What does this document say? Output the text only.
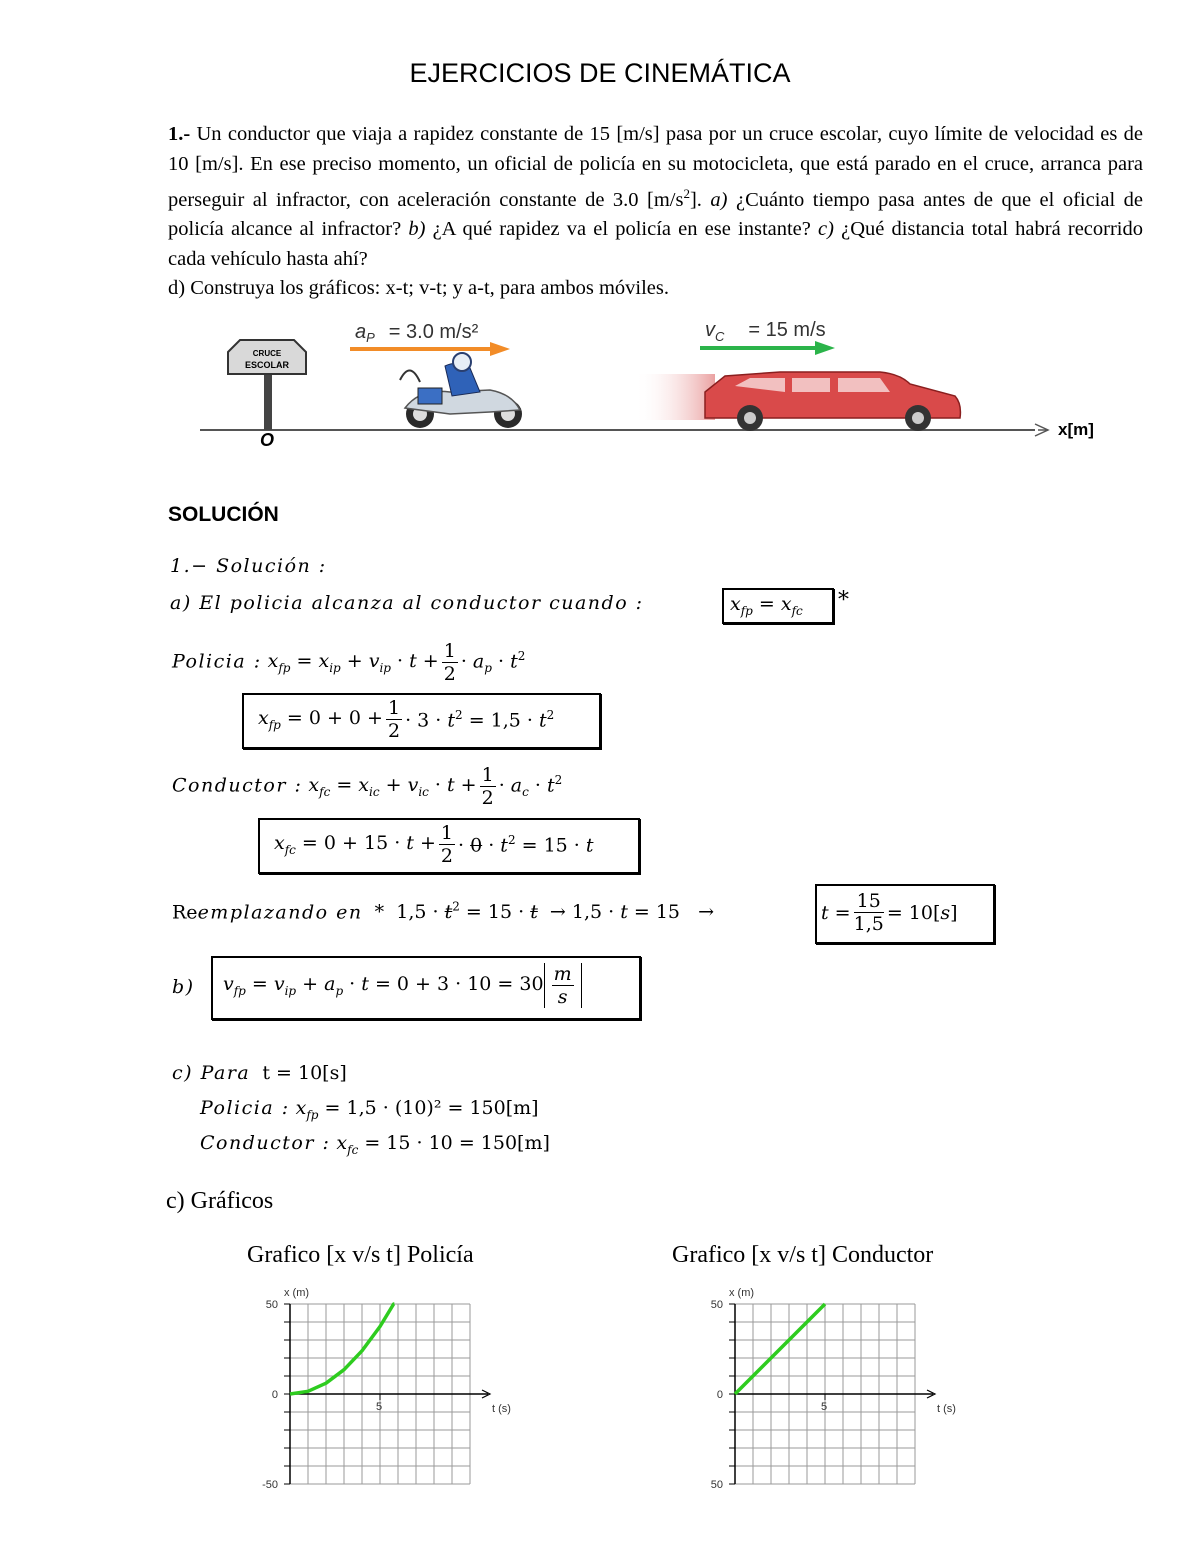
EJERCICIOS DE CINEMÁTICA

1.- Un conductor que viaja a rapidez constante de 15 [m/s] pasa por un cruce escolar, cuyo límite de velocidad es de 10 [m/s]. En ese preciso momento, un oficial de policía en su motocicleta, que está parado en el cruce, arranca para perseguir al infractor, con aceleración constante de 3.0 $[m/s^2]$. a) ¿Cuánto tiempo pasa antes de que el oficial de policía alcance al infractor? b) ¿A qué rapidez va el policía en ese instante? c) ¿Qué distancia total habrá recorrido cada vehículo hasta ahí?

d) Construya los gráficos: x-t; v-t; y a-t, para ambos móviles.

x[m]
CRUCE
ESCOLAR
O
$a_P = 3.0$ m/s²	$v_C = 15$ m/s
SOLUCIÓN
1.− Solución :
a) El policia alcanza al conductor cuando :	$x_{fp} = x_{fc}$ *
Policia : $x_{fp} = x_{ip} + v_{ip} \cdot t + \frac{1}{2} \cdot a_p \cdot t^2$
$x_{fp} = 0 + 0 + \frac{1}{2} \cdot 3 \cdot t^2 = 1,5 \cdot t^2$
Conductor : $x_{fc} = x_{ic} + v_{ic} \cdot t + \frac{1}{2} \cdot a_c \cdot t^2$
$x_{fc} = 0 + 15 \cdot t + \frac{1}{2} \cdot 0 \cdot t^2 = 15 \cdot t$
Reemplazando en  *  $1,5 \cdot t^2 = 15 \cdot t \to 1,5 \cdot t = 15$   →	$t = \frac{15}{1,5} = 10[s]$
b) $v_{fp} = v_{ip} + a_p \cdot t = 0 + 3 \cdot 10 = 30 \frac{m}{s}$
c) Para t = 10[s]
Policia : $x_{fp} = 1,5 \cdot (10)^2 = 150[m]$
Conductor : $x_{fc} = 15 \cdot 10 = 150[m]$
c) Gráficos
Grafico [x v/s t] Policía	Grafico [x v/s t] Conductor
x (m)
t (s)
50
0
-50
5
x (m)
t (s)
50
0
50
5
